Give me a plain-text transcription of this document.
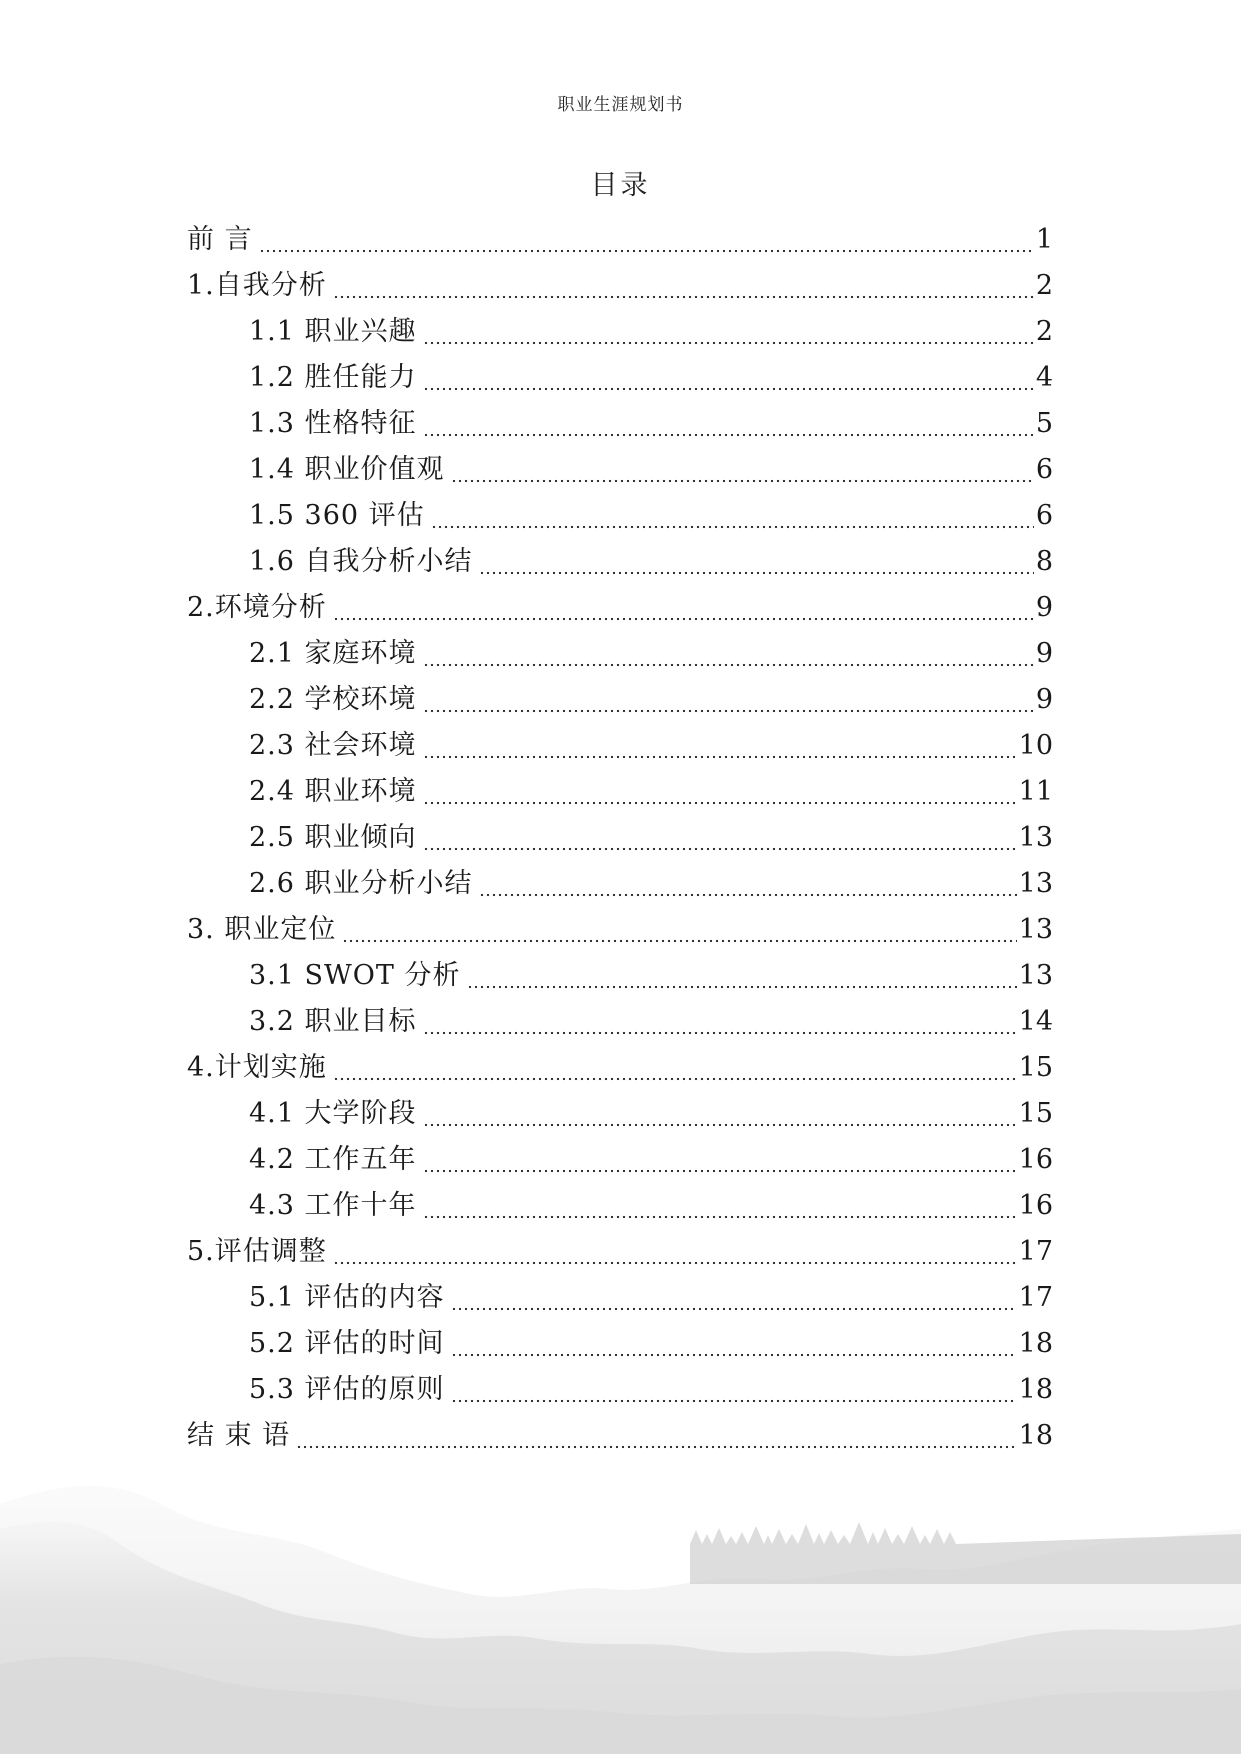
职业生涯规划书
目录
前 言	1
1.自我分析	2
1.1 职业兴趣	2
1.2 胜任能力	4
1.3 性格特征	5
1.4 职业价值观	6
1.5 360 评估	6
1.6 自我分析小结	8
2.环境分析	9
2.1 家庭环境	9
2.2 学校环境	9
2.3 社会环境	10
2.4 职业环境	11
2.5 职业倾向	13
2.6 职业分析小结	13
3. 职业定位	13
3.1 SWOT 分析	13
3.2 职业目标	14
4.计划实施	15
4.1 大学阶段	15
4.2 工作五年	16
4.3 工作十年	16
5.评估调整	17
5.1 评估的内容	17
5.2 评估的时间	18
5.3 评估的原则	18
结 束 语	18
